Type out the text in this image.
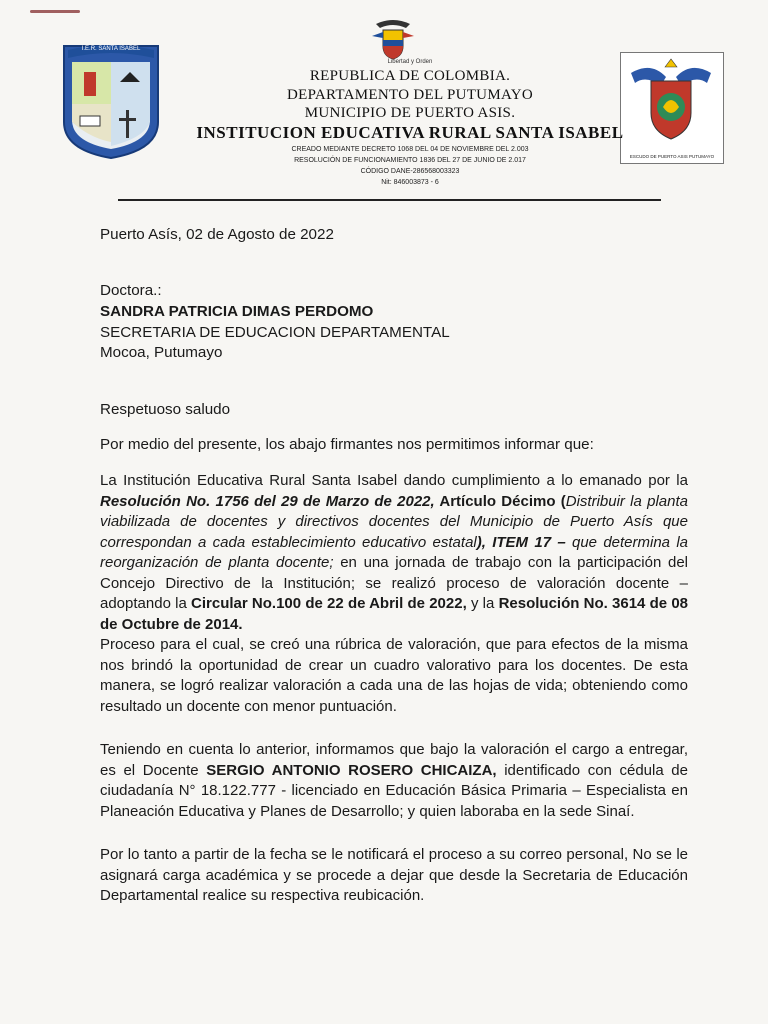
I.E.R. SANTA ISABEL
ESCUDO DE PUERTO ASIS PUTUMAYO
Libertad y Orden
REPUBLICA DE COLOMBIA.
DEPARTAMENTO DEL PUTUMAYO
MUNICIPIO DE PUERTO ASIS.
INSTITUCION EDUCATIVA RURAL SANTA ISABEL
CREADO MEDIANTE DECRETO 1068 DEL 04 DE NOVIEMBRE DEL 2.003
RESOLUCIÓN DE FUNCIONAMIENTO 1836 DEL 27 DE JUNIO DE 2.017
CÓDIGO DANE-286568003323
Nit: 846003873 - 6
Puerto Asís, 02 de Agosto de 2022
Doctora.:
SANDRA PATRICIA DIMAS PERDOMO
SECRETARIA DE EDUCACION DEPARTAMENTAL
Mocoa, Putumayo
Respetuoso saludo
Por medio del presente, los abajo firmantes nos permitimos informar que:
La Institución Educativa Rural Santa Isabel dando cumplimiento a lo emanado por la Resolución No. 1756 del 29 de Marzo de 2022, Artículo Décimo (Distribuir la planta viabilizada de docentes y directivos docentes del Municipio de Puerto Asís que correspondan a cada establecimiento educativo estatal), ITEM 17 – que determina la reorganización de planta docente; en una jornada de trabajo con la participación del Concejo Directivo de la Institución; se realizó proceso de valoración docente – adoptando la Circular No.100 de 22 de Abril de 2022, y la Resolución No. 3614 de 08 de Octubre de 2014.
Proceso para el cual, se creó una rúbrica de valoración, que para efectos de la misma nos brindó la oportunidad de crear un cuadro valorativo para los docentes. De esta manera, se logró realizar valoración a cada una de las hojas de vida; obteniendo como resultado un docente con menor puntuación.
Teniendo en cuenta lo anterior, informamos que bajo la valoración el cargo a entregar, es el Docente SERGIO ANTONIO ROSERO CHICAIZA, identificado con cédula de ciudadanía N° 18.122.777 - licenciado en Educación Básica Primaria – Especialista en Planeación Educativa y Planes de Desarrollo; y quien laboraba en la sede Sinaí.
Por lo tanto a partir de la fecha se le notificará el proceso a su correo personal, No se le asignará carga académica y se procede a dejar que desde la Secretaria de Educación Departamental realice su respectiva reubicación.
